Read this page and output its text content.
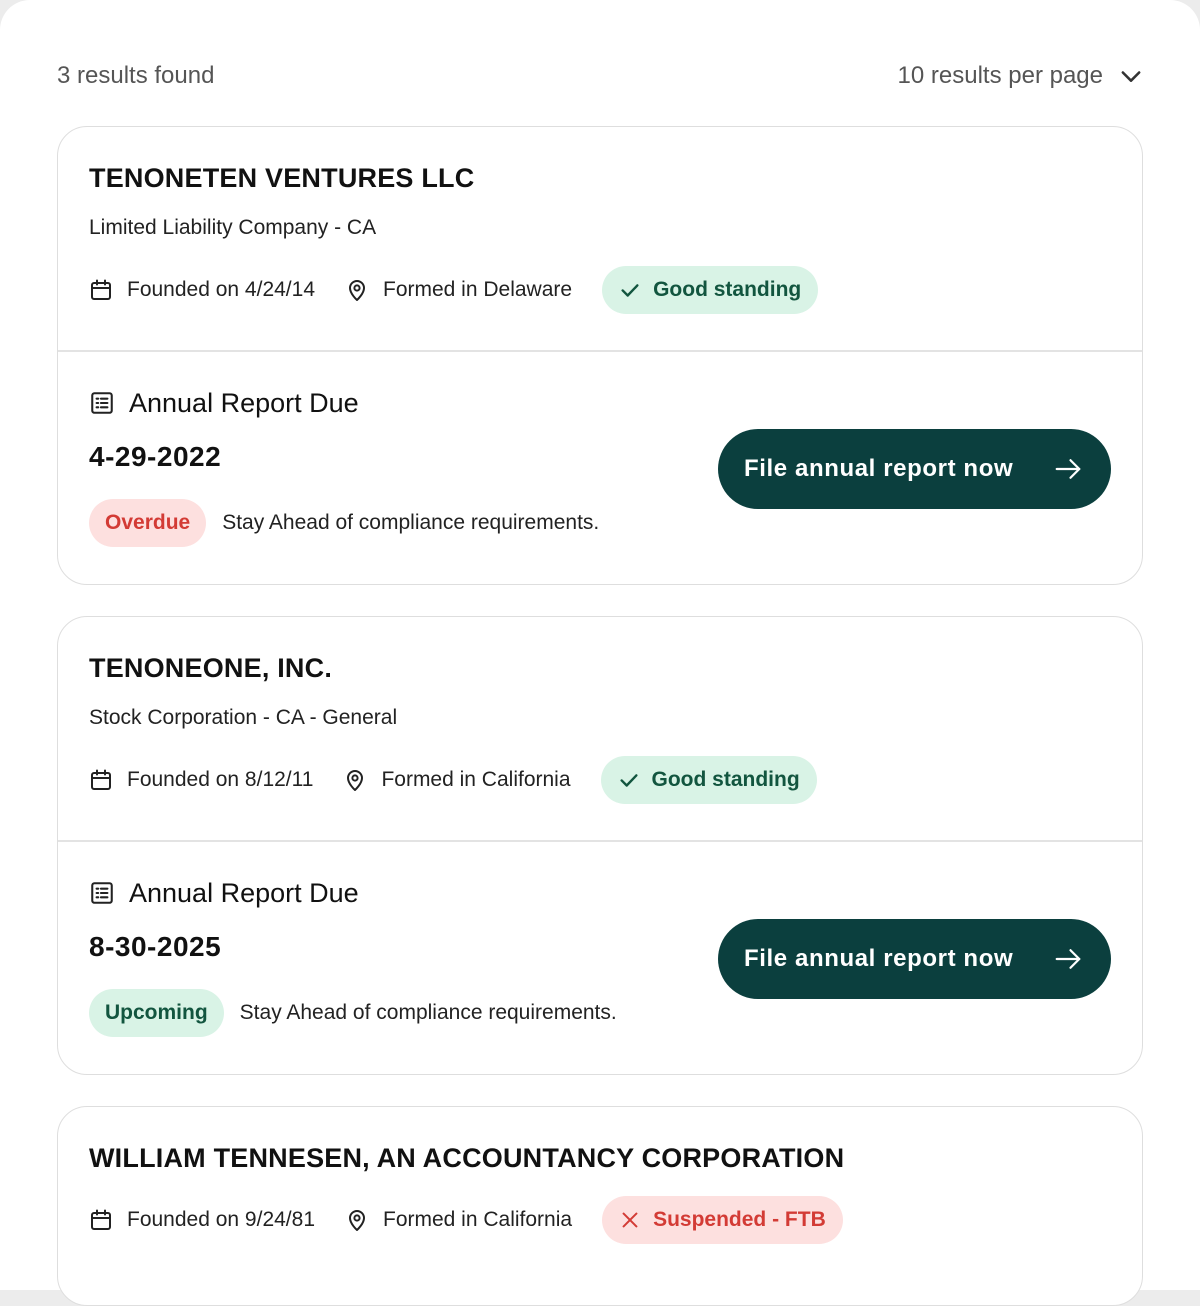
3 results found	10 results per page
TENONETEN VENTURES LLC
Limited Liability Company - CA
Founded on 4/24/14	Formed in Delaware	Good standing
Annual Report Due
4-29-2022
Overdue	Stay Ahead of compliance requirements.
File annual report now
TENONEONE, INC.
Stock Corporation - CA - General
Founded on 8/12/11	Formed in California	Good standing
Annual Report Due
8-30-2025
Upcoming	Stay Ahead of compliance requirements.
File annual report now
WILLIAM TENNESEN, AN ACCOUNTANCY CORPORATION
Founded on 9/24/81	Formed in California	Suspended - FTB
